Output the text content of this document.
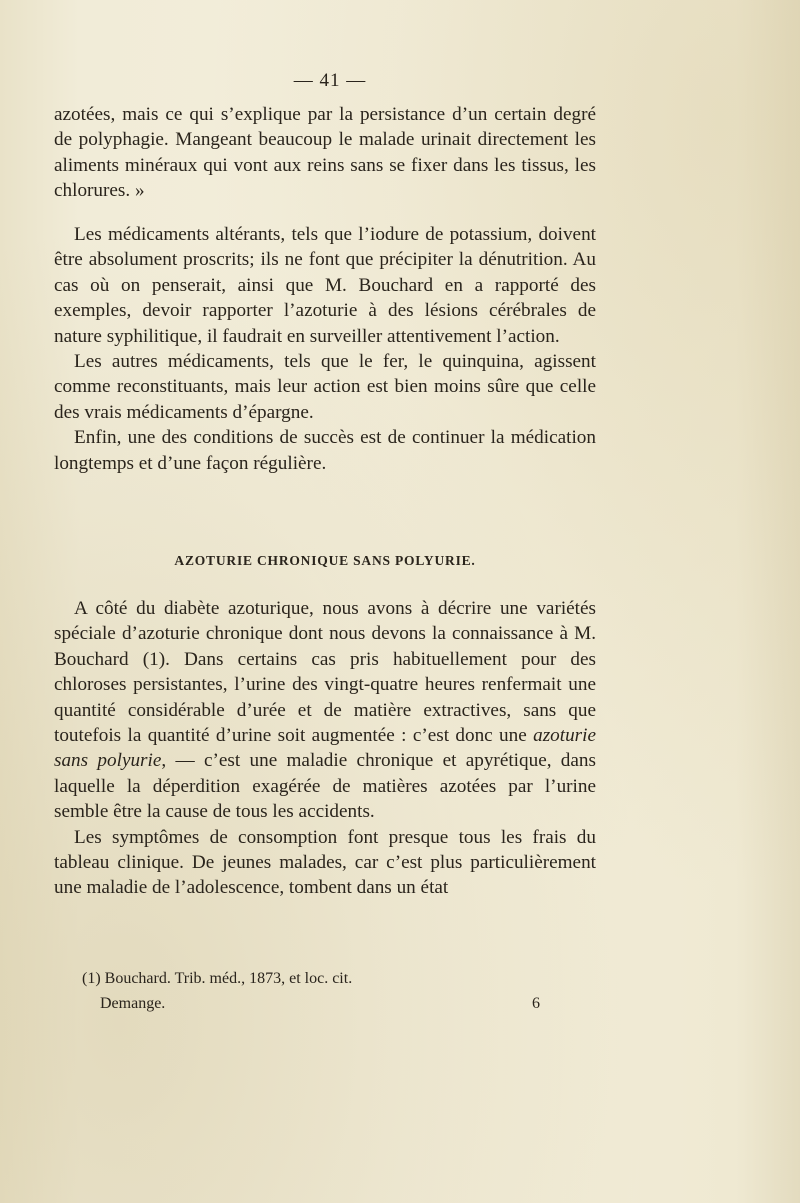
— 41 —

azotées, mais ce qui s’explique par la persistance d’un certain degré de polyphagie. Mangeant beaucoup le malade urinait directement les aliments minéraux qui vont aux reins sans se fixer dans les tissus, les chlorures. »

Les médicaments altérants, tels que l’iodure de potassium, doivent être absolument proscrits; ils ne font que précipiter la dénutrition. Au cas où on penserait, ainsi que M. Bouchard en a rapporté des exemples, devoir rapporter l’azoturie à des lésions cérébrales de nature syphilitique, il faudrait en surveiller attentivement l’action.

Les autres médicaments, tels que le fer, le quinquina, agissent comme reconstituants, mais leur action est bien moins sûre que celle des vrais médicaments d’épargne.

Enfin, une des conditions de succès est de continuer la médication longtemps et d’une façon régulière.

AZOTURIE CHRONIQUE SANS POLYURIE.

A côté du diabète azoturique, nous avons à décrire une variétés spéciale d’azoturie chronique dont nous devons la connaissance à M. Bouchard (1). Dans certains cas pris habituellement pour des chloroses persistantes, l’urine des vingt-quatre heures renfermait une quantité considérable d’urée et de matière extractives, sans que toutefois la quantité d’urine soit augmentée : c’est donc une azoturie sans polyurie, — c’est une maladie chronique et apyrétique, dans laquelle la déperdition exagérée de matières azotées par l’urine semble être la cause de tous les accidents.

Les symptômes de consomption font presque tous les frais du tableau clinique. De jeunes malades, car c’est plus particulièrement une maladie de l’adolescence, tombent dans un état

(1) Bouchard. Trib. méd., 1873, et loc. cit.
Demange.	6
